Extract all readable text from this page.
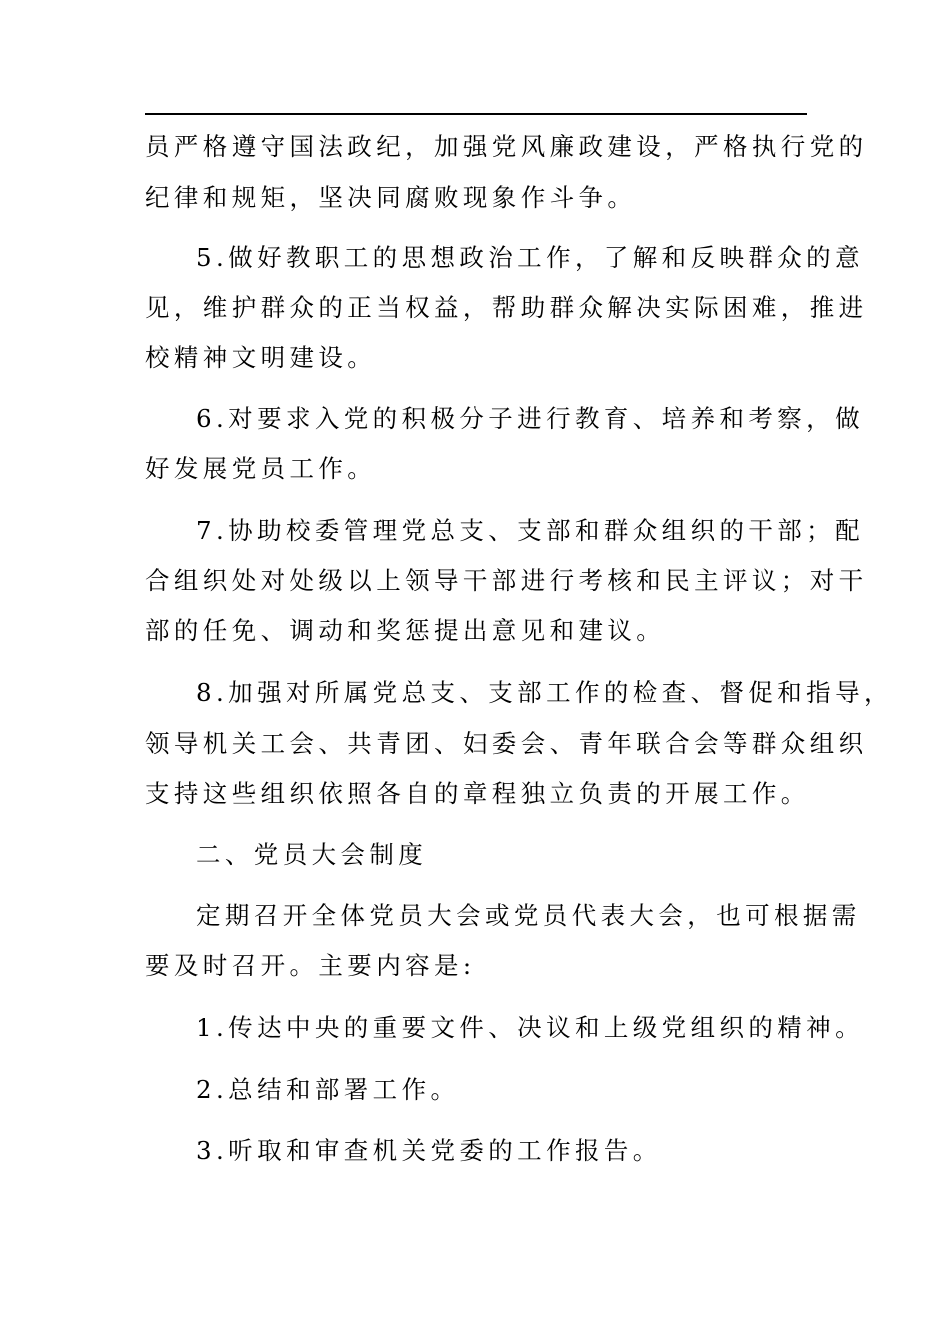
员严格遵守国法政纪，加强党风廉政建设，严格执行党的
纪律和规矩，坚决同腐败现象作斗争。
5.做好教职工的思想政治工作，了解和反映群众的意
见，维护群众的正当权益，帮助群众解决实际困难，推进
校精神文明建设。
6.对要求入党的积极分子进行教育、培养和考察，做
好发展党员工作。
7.协助校委管理党总支、支部和群众组织的干部；配
合组织处对处级以上领导干部进行考核和民主评议；对干
部的任免、调动和奖惩提出意见和建议。
8.加强对所属党总支、支部工作的检查、督促和指导，
领导机关工会、共青团、妇委会、青年联合会等群众组织
支持这些组织依照各自的章程独立负责的开展工作。
二、党员大会制度
定期召开全体党员大会或党员代表大会，也可根据需
要及时召开。主要内容是:
1.传达中央的重要文件、决议和上级党组织的精神。
2.总结和部署工作。
3.听取和审查机关党委的工作报告。
